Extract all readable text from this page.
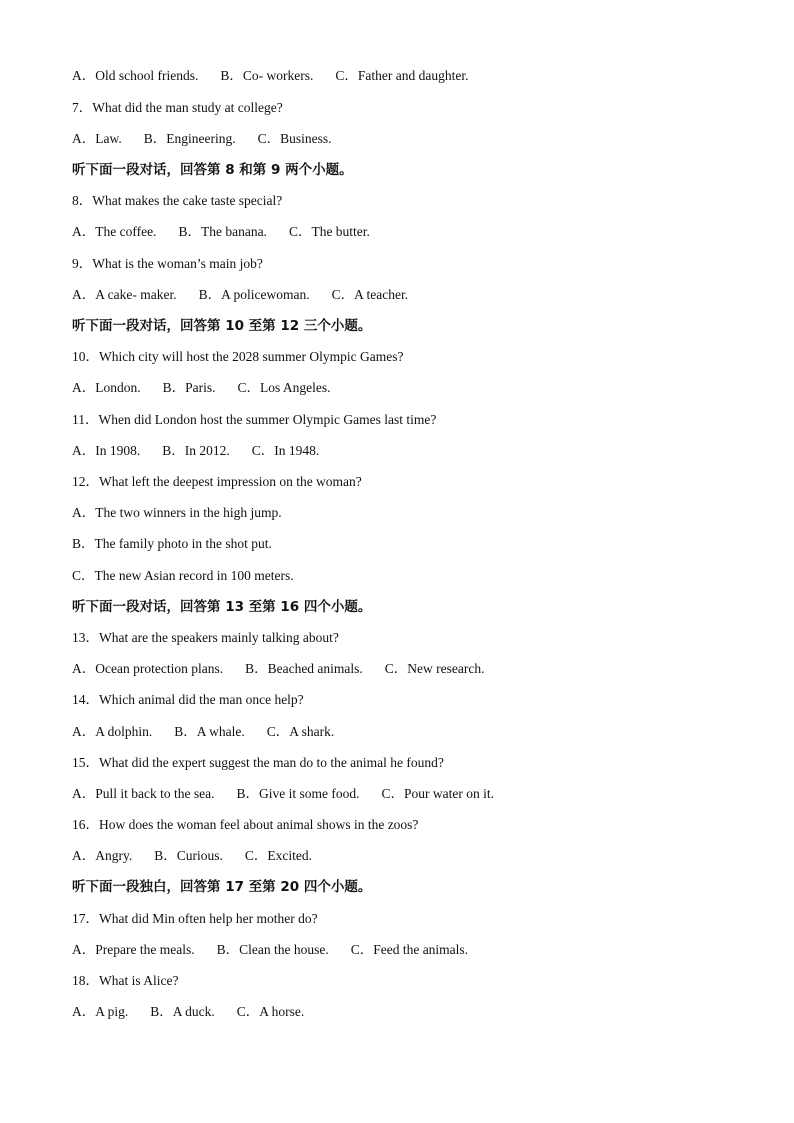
A．Old school friends. B．Co- workers. C．Father and daughter.
7．What did the man study at college?
A．Law. B．Engineering. C．Business.
听下面一段对话，回答第 8 和第 9 两个小题。
8．What makes the cake taste special?
A．The coffee. B．The banana. C．The butter.
9．What is the woman’s main job?
A．A cake- maker. B．A policewoman. C．A teacher.
听下面一段对话，回答第 10 至第 12 三个小题。
10．Which city will host the 2028 summer Olympic Games?
A．London. B．Paris. C．Los Angeles.
11．When did London host the summer Olympic Games last time?
A．In 1908. B．In 2012. C．In 1948.
12．What left the deepest impression on the woman?
A．The two winners in the high jump.
B．The family photo in the shot put.
C．The new Asian record in 100 meters.
听下面一段对话，回答第 13 至第 16 四个小题。
13．What are the speakers mainly talking about?
A．Ocean protection plans. B．Beached animals. C．New research.
14．Which animal did the man once help?
A．A dolphin. B．A whale. C．A shark.
15．What did the expert suggest the man do to the animal he found?
A．Pull it back to the sea. B．Give it some food. C．Pour water on it.
16．How does the woman feel about animal shows in the zoos?
A．Angry. B．Curious. C．Excited.
听下面一段独白，回答第 17 至第 20 四个小题。
17．What did Min often help her mother do?
A．Prepare the meals. B．Clean the house. C．Feed the animals.
18．What is Alice?
A．A pig. B．A duck. C．A horse.
